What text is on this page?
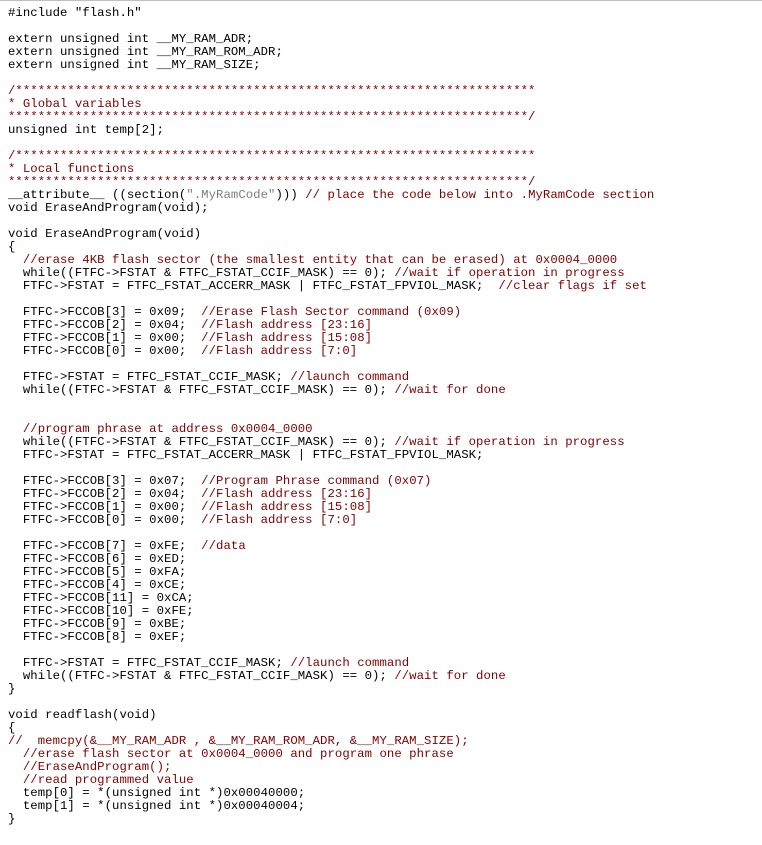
#include "flash.h"

extern unsigned int __MY_RAM_ADR;
extern unsigned int __MY_RAM_ROM_ADR;
extern unsigned int __MY_RAM_SIZE;

/**********************************************************************
* Global variables
**********************************************************************/
unsigned int temp[2];

/**********************************************************************
* Local functions
**********************************************************************/
__attribute__ ((section(".MyRamCode"))) // place the code below into .MyRamCode section
void EraseAndProgram(void);

void EraseAndProgram(void)
{
//erase 4KB flash sector (the smallest entity that can be erased) at 0x0004_0000
while((FTFC->FSTAT & FTFC_FSTAT_CCIF_MASK) == 0); //wait if operation in progress
FTFC->FSTAT = FTFC_FSTAT_ACCERR_MASK | FTFC_FSTAT_FPVIOL_MASK;  //clear flags if set

FTFC->FCCOB[3] = 0x09;  //Erase Flash Sector command (0x09)
FTFC->FCCOB[2] = 0x04;  //Flash address [23:16]
FTFC->FCCOB[1] = 0x00;  //Flash address [15:08]
FTFC->FCCOB[0] = 0x00;  //Flash address [7:0]

FTFC->FSTAT = FTFC_FSTAT_CCIF_MASK; //launch command
while((FTFC->FSTAT & FTFC_FSTAT_CCIF_MASK) == 0); //wait for done

//program phrase at address 0x0004_0000
while((FTFC->FSTAT & FTFC_FSTAT_CCIF_MASK) == 0); //wait if operation in progress
FTFC->FSTAT = FTFC_FSTAT_ACCERR_MASK | FTFC_FSTAT_FPVIOL_MASK;

FTFC->FCCOB[3] = 0x07;  //Program Phrase command (0x07)
FTFC->FCCOB[2] = 0x04;  //Flash address [23:16]
FTFC->FCCOB[1] = 0x00;  //Flash address [15:08]
FTFC->FCCOB[0] = 0x00;  //Flash address [7:0]

FTFC->FCCOB[7] = 0xFE;  //data
FTFC->FCCOB[6] = 0xED;
FTFC->FCCOB[5] = 0xFA;
FTFC->FCCOB[4] = 0xCE;
FTFC->FCCOB[11] = 0xCA;
FTFC->FCCOB[10] = 0xFE;
FTFC->FCCOB[9] = 0xBE;
FTFC->FCCOB[8] = 0xEF;

FTFC->FSTAT = FTFC_FSTAT_CCIF_MASK; //launch command
while((FTFC->FSTAT & FTFC_FSTAT_CCIF_MASK) == 0); //wait for done
}

void readflash(void)
{
//  memcpy(&__MY_RAM_ADR , &__MY_RAM_ROM_ADR, &__MY_RAM_SIZE);
//erase flash sector at 0x0004_0000 and program one phrase
//EraseAndProgram();
//read programmed value
temp[0] = *(unsigned int *)0x00040000;
temp[1] = *(unsigned int *)0x00040004;
}
